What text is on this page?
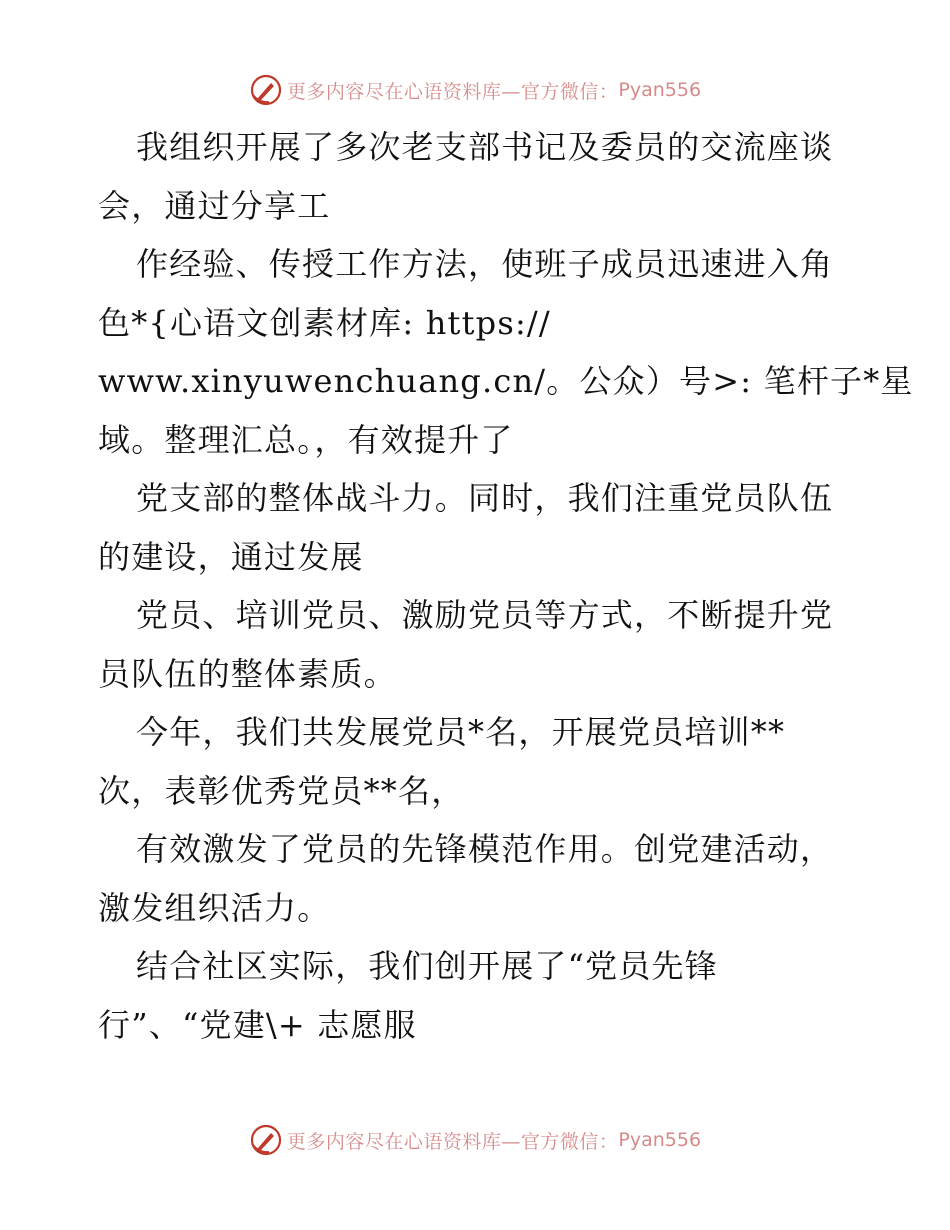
更多内容尽在心语资料库—官方微信： Pyan556
我组织开展了多次老支部书记及委员的交流座谈
会，通过分享工
作经验、传授工作方法，使班子成员迅速进入角
色*{心语文创素材库: https://
www.xinyuwenchuang.cn/。公众）号>: 笔杆子*星
域。整理汇总。，有效提升了
党支部的整体战斗力。同时，我们注重党员队伍
的建设，通过发展
党员、培训党员、激励党员等方式，不断提升党
员队伍的整体素质。
今年，我们共发展党员*名，开展党员培训**
次，表彰优秀党员**名，
有效激发了党员的先锋模范作用。创党建活动，
激发组织活力。
结合社区实际，我们创开展了“党员先锋
行”、“党建\+ 志愿服
更多内容尽在心语资料库—官方微信： Pyan556
